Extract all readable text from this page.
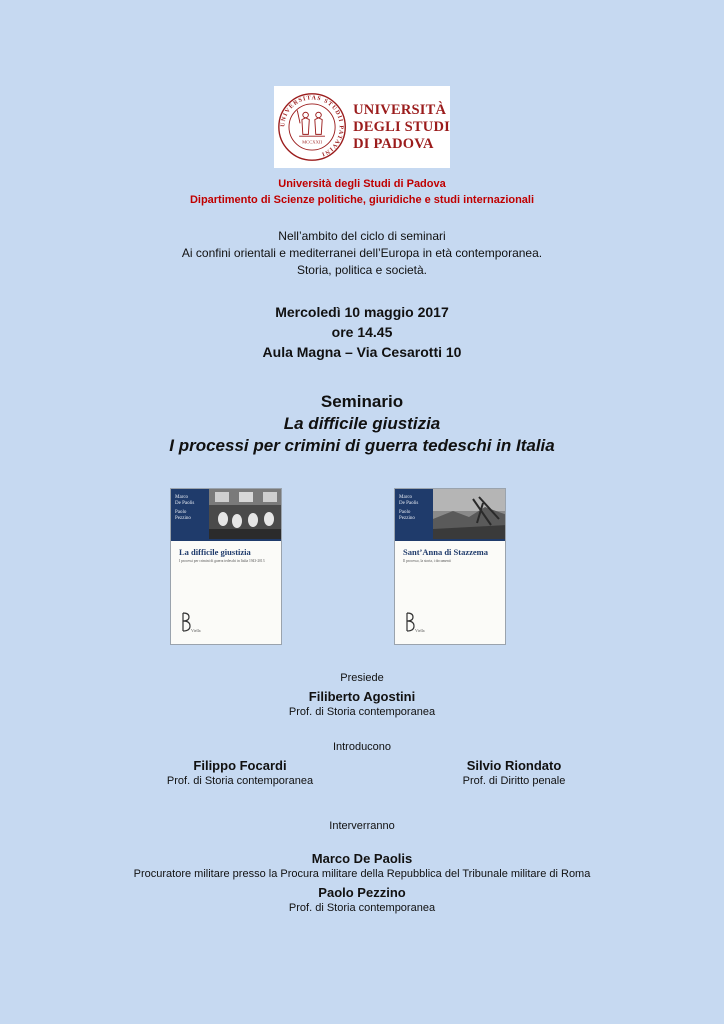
UNIVERSITAS STUDII PATAVINI
MCCXXII
UNIVERSITÀ
DEGLI STUDI
DI PADOVA
Università degli Studi di Padova
Dipartimento di Scienze politiche, giuridiche e studi internazionali
Nell’ambito del ciclo di seminari
Ai confini orientali e mediterranei dell’Europa in età contemporanea.
Storia, politica e società.
Mercoledì 10 maggio 2017
ore 14.45
Aula Magna – Via Cesarotti 10
Seminario
La difficile giustizia
I processi per crimini di guerra tedeschi in Italia
Marco
De Paolis
Paolo
Pezzino
La difficile giustizia
I processi per crimini di guerra tedeschi in Italia 1943-2013
Viella
Marco
De Paolis
Paolo
Pezzino
Sant’Anna di Stazzema
Il processo, la storia, i documenti
Viella
Presiede
Filiberto Agostini
Prof. di Storia contemporanea
Introducono
Filippo Focardi
Prof. di Storia contemporanea
Silvio Riondato
Prof. di Diritto penale
Interverranno
Marco De Paolis
Procuratore militare presso la Procura militare della Repubblica del Tribunale militare di Roma
Paolo Pezzino
Prof. di Storia contemporanea
